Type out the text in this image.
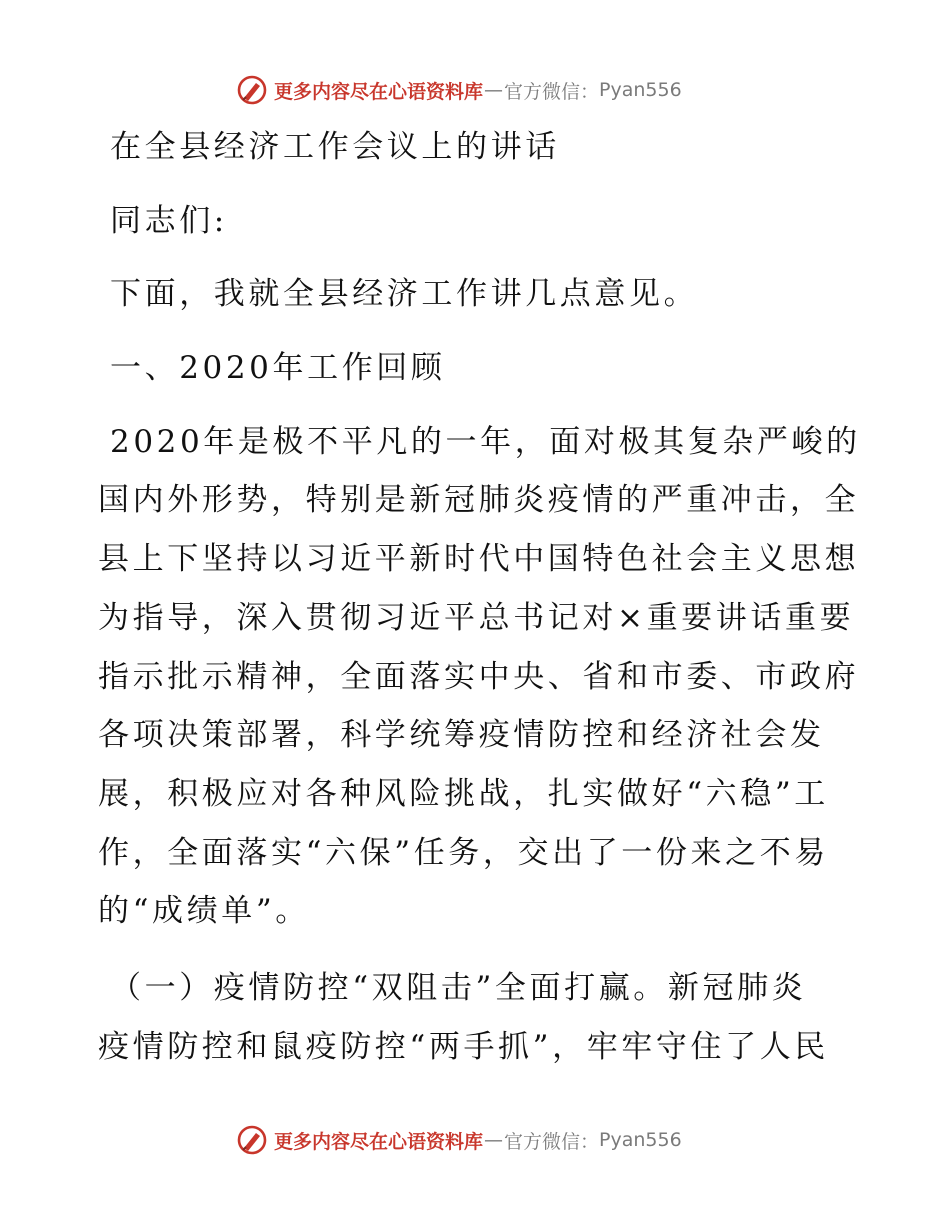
更多内容尽在心语资料库 — 官方微信： Pyan556
在全县经济工作会议上的讲话
同志们:
下面，我就全县经济工作讲几点意见。
一、2020年工作回顾
2020年是极不平凡的一年，面对极其复杂严峻的
国内外形势，特别是新冠肺炎疫情的严重冲击，全
县上下坚持以习近平新时代中国特色社会主义思想
为指导，深入贯彻习近平总书记对×重要讲话重要
指示批示精神，全面落实中央、省和市委、市政府
各项决策部署，科学统筹疫情防控和经济社会发
展，积极应对各种风险挑战，扎实做好“六稳”工
作，全面落实“六保”任务，交出了一份来之不易
的“成绩单”。
（一）疫情防控“双阻击”全面打赢。新冠肺炎
疫情防控和鼠疫防控“两手抓”，牢牢守住了人民
更多内容尽在心语资料库 — 官方微信： Pyan556
